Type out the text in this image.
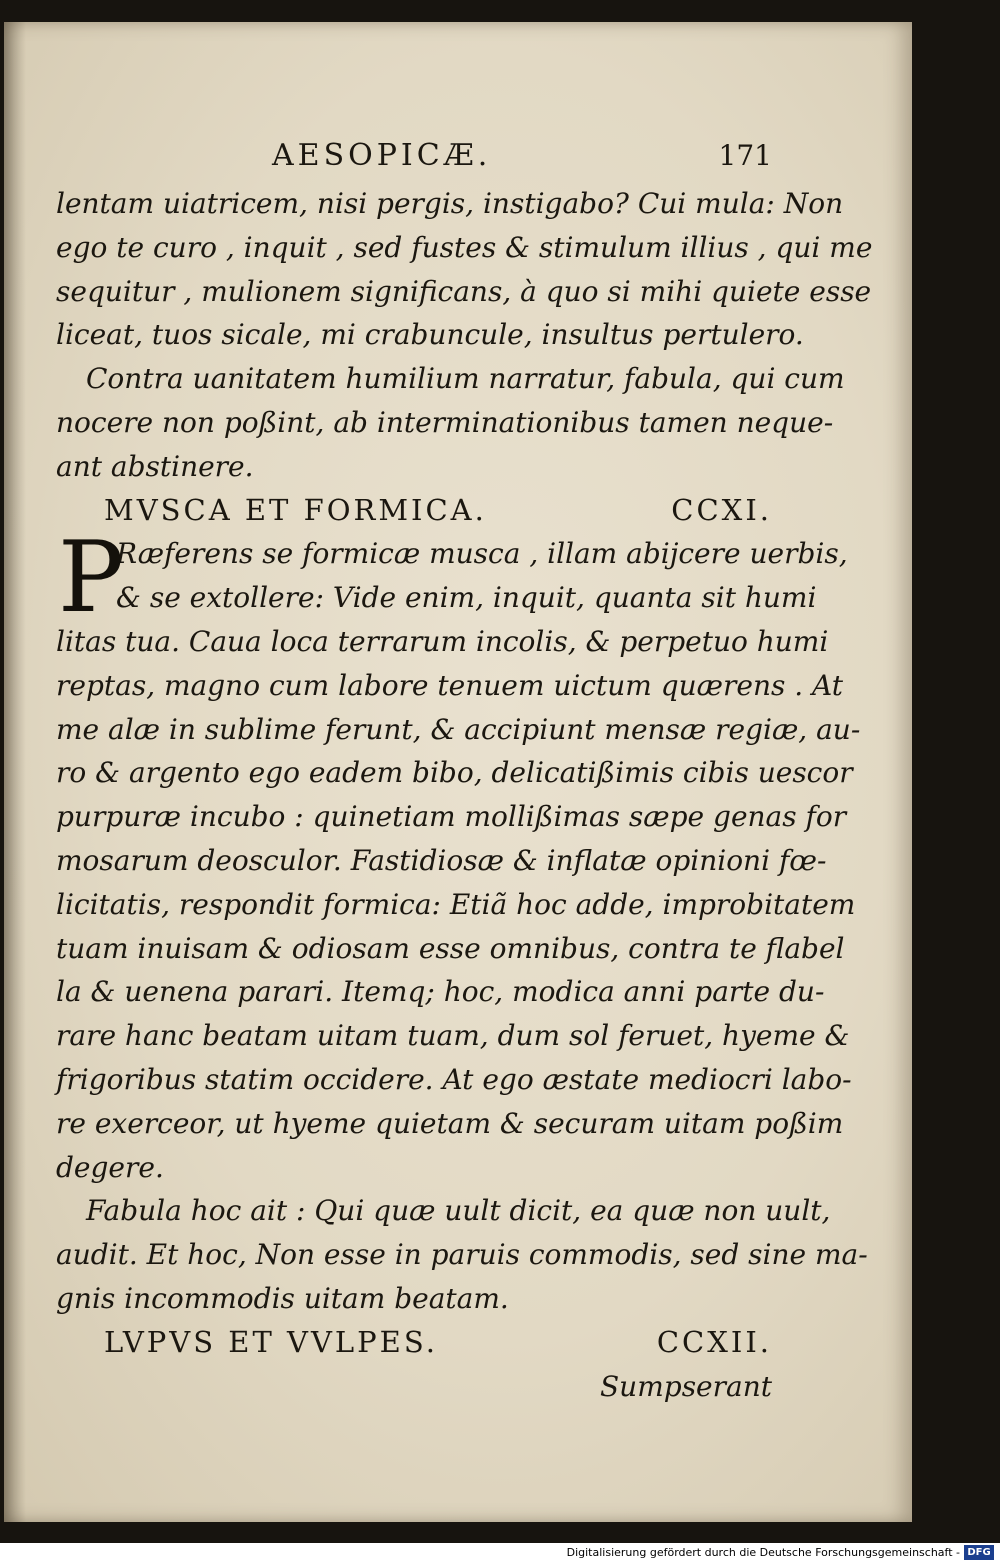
AESOPICÆ.	171
lentam uiatricem, nisi pergis, instigabo? Cui mula: Non
ego te curo , inquit , sed fustes & stimulum illius , qui me
sequitur , mulionem significans, à quo si mihi quiete esse
liceat, tuos sicale, mi crabuncule, insultus pertulero.
Contra uanitatem humilium narratur, fabula, qui cum
nocere non poßint, ab interminationibus tamen neque-
ant abstinere.
MVSCA ET FORMICA.	CCXI.
P
Ræferens se formicæ musca , illam abijcere uerbis,
& se extollere: Vide enim, inquit, quanta sit humi
litas tua. Caua loca terrarum incolis, & perpetuo humi
reptas, magno cum labore tenuem uictum quærens . At
me alæ in sublime ferunt, & accipiunt mensæ regiæ, au-
ro & argento ego eadem bibo, delicatißimis cibis uescor
purpuræ incubo : quinetiam mollißimas sæpe genas for
mosarum deosculor. Fastidiosæ & inflatæ opinioni fœ-
licitatis, respondit formica: Etiã hoc adde, improbitatem
tuam inuisam & odiosam esse omnibus, contra te flabel
la & uenena parari. Itemq; hoc, modica anni parte du-
rare hanc beatam uitam tuam, dum sol feruet, hyeme &
frigoribus statim occidere. At ego æstate mediocri labo-
re exerceor, ut hyeme quietam & securam uitam poßim
degere.
Fabula hoc ait : Qui quæ uult dicit, ea quæ non uult,
audit. Et hoc, Non esse in paruis commodis, sed sine ma-
gnis incommodis uitam beatam.
LVPVS ET VVLPES.	CCXII.
Sumpserant
Digitalisierung gefördert durch die Deutsche Forschungsgemeinschaft - DFG
